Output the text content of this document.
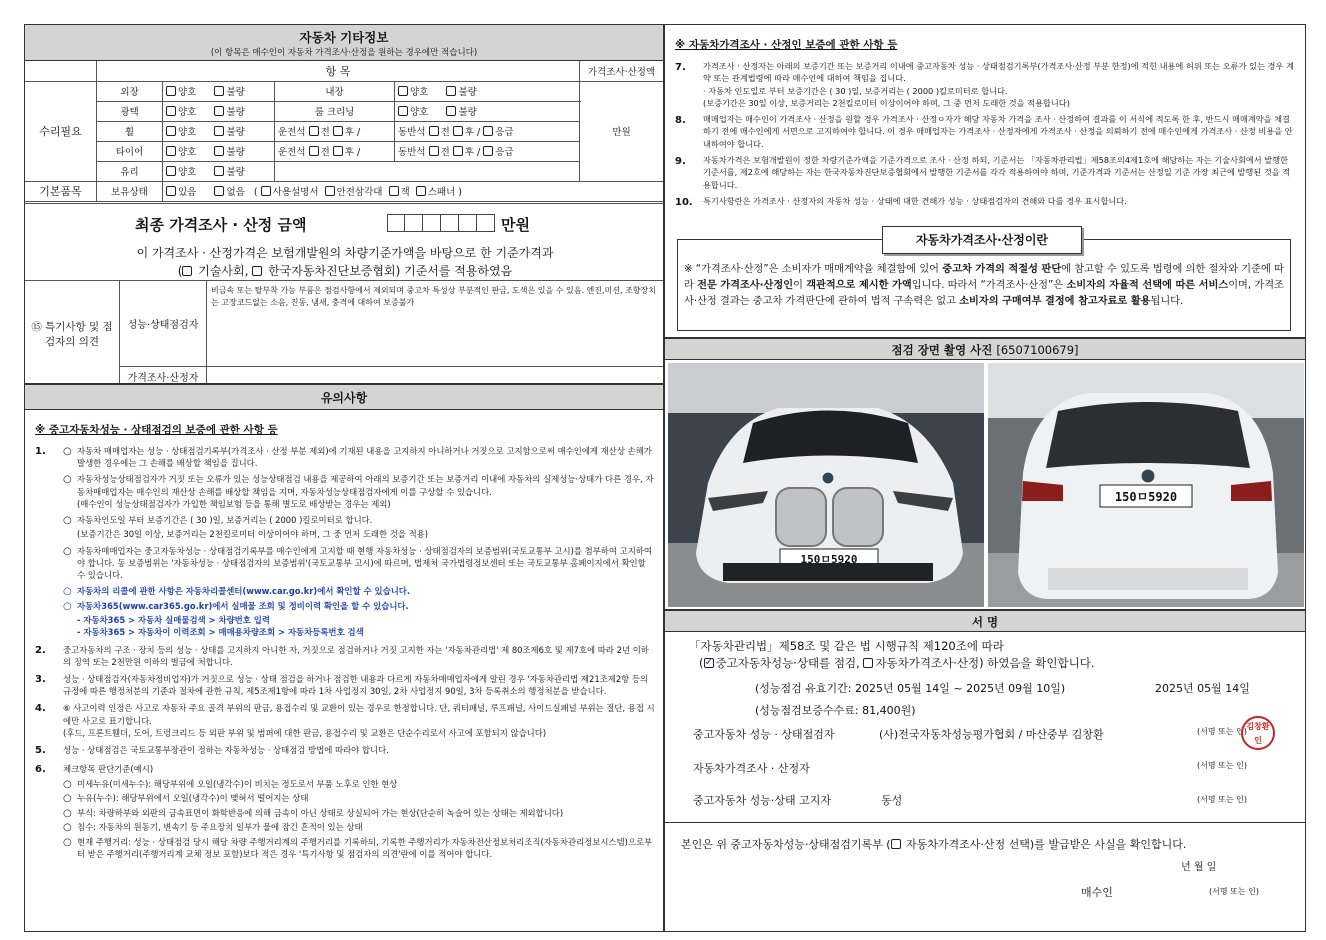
자동차 기타정보
(이 항목은 매수인이 자동차 가격조사·산정을 원하는 경우에만 적습니다)
	항 목				가격조사·산정액
수리필요	외장	양호 불량	내장	양호 불량	만원
	광택	양호 불량	룸 크리닝	양호 불량	
	휠	양호 불량	운전석 전 후 /	동반석 전 후 / 응급	
	타이어	양호 불량	운전석 전 후 /	동반석 전 후 / 응급	
	유리	양호 불량			
기본품목	보유상태	있음 없음   ( 사용설명서 안전삼각대 잭 스패너 )			
최종 가격조사 · 산정 금액	만원
이 가격조사 · 산정가격은 보험개발원의 차량기준가액을 바탕으로 한 기준가격과
( 기술사회, 한국자동차진단보증협회) 기준서를 적용하였음
⑮ 특기사항 및 점검자의 의견
성능·상태점검자
비금속 또는 탈부착 가능 부품은 점검사항에서 제외되며 중고차 특성상 부분적인 판금, 도색은 있을 수 있음. 엔진,미션, 조향장치는 고장코드없는 소음, 진동, 냄새, 충격에 대하여 보증불가
가격조사·산정자
유의사항
※ 중고자동차성능 · 상태점검의 보증에 관한 사항 등
1.	○ 자동차 매매업자는 성능 · 상태점검기록부(가격조사 · 산정 부분 제외)에 기재된 내용을 고지하지 아니하거나 거짓으로 고지함으로써 매수인에게 재산상 손해가 발생한 경우에는 그 손해를 배상할 책임을 집니다.
○ 자동차성능상태점검자가 거짓 또는 오류가 있는 성능상태점검 내용을 제공하여 아래의 보증기간 또는 보증거리 이내에 자동차의 실제성능·상태가 다른 경우, 자동차매매업자는 매수인의 재산상 손해를 배상할 책임을 지며, 자동차성능상태점검자에게 이를 구상할 수 있습니다.
(매수인이 성능상태점검자가 가입한 책임보험 등을 통해 별도로 배상받는 경우는 제외)
○ 자동차인도일 부터 보증기간은 ( 30 )일, 보증거리는 ( 2000 )킬로미터로 합니다.
(보증기간은 30일 이상, 보증거리는 2천킬로미터 이상이어야 하며, 그 중 먼저 도래한 것을 적용)
○ 자동차매매업자는 중고자동차성능 · 상태점검기록부를 매수인에게 고지할 때 현행 자동차성능 · 상태점검자의 보증범위(국토교통부 고시)를 첨부하여 고지하여야 합니다. 동 보증범위는 '자동차성능 · 상태점검자의 보증범위'(국토교통부 고시)에 따르며, 법제처 국가법령정보센터 또는 국토교통부 홈페이지에서 확인할 수 있습니다.
○ 자동차의 리콜에 관한 사항은 자동차리콜센터(www.car.go.kr)에서 확인할 수 있습니다.
○ 자동차365(www.car365.go.kr)에서 실매물 조회 및 정비이력 확인을 할 수 있습니다.
- 자동차365 > 자동차 실매물검색 > 차량번호 입력
- 자동차365 > 자동차이 이력조회 > 매매용차량조회 > 자동차등록번호 검색
2.	중고자동차의 구조 · 장치 등의 성능 · 상태를 고지하지 아니한 자, 거짓으로 점검하거나 거짓 고지한 자는 '자동차관리법' 제 80조제6호 및 제7호에 따라 2년 이하의 징역 또는 2천만원 이하의 벌금에 처합니다.
3.	성능 · 상태점검자(자동차정비업자)가 거짓으로 성능 · 상태 점검을 하거나 점검한 내용과 다르게 자동차매매업자에게 알린 경우 '자동차관리법 제21조제2항 등의 규정에 따른 행정처분의 기준과 절차에 관한 규칙, 제5조제1항에 따라 1차 사업정지 30일, 2차 사업정지 90일, 3차 등록취소의 행정처분을 받습니다.
4.	⑥ 사고이력 인정은 사고로 자동차 주요 골격 부위의 판금, 용접수리 및 교환이 있는 경우로 한정합니다. 단, 쿼터패널, 루프패널, 사이드실패널 부위는 절단, 용접 시에만 사고로 표기합니다.
(후드, 프론트휀더, 도어, 트렁크리드 등 외판 부위 및 범퍼에 대한 판금, 용접수리 및 교환은 단순수리로서 사고에 포함되지 않습니다)
5.	성능 · 상태점검은 국토교통부장관이 정하는 자동차성능 · 상태점검 방법에 따라야 합니다.
6.	체크항목 판단기준(예시)
○ 미세누유(미세누수): 해당부위에 오일(냉각수)이 비치는 정도로서 부품 노후로 인한 현상
○ 누유(누수): 해당부위에서 오일(냉각수)이 맺혀서 떨어지는 상태
○ 부식: 차량하부와 외판의 금속표면이 화학반응에 의해 금속이 아닌 상태로 상실되어 가는 현상(단순히 녹슬어 있는 상태는 제외합니다)
○ 침수: 자동차의 원동기, 변속기 등 주요장치 일부가 물에 잠긴 흔적이 있는 상태
○ 현재 주행거리: 성능 · 상태점검 당시 해당 차량 주행거리계의 주행거리를 기록하되, 기록한 주행거리가 자동차전산정보처리조직(자동차관리정보시스템)으로부터 받은 주행거리(주행거리계 교체 정보 포함)보다 적은 경우 '특기사항 및 점검자의 의견'란에 이를 적어야 합니다.
※ 자동차가격조사 · 산정인 보증에 관한 사항 등
7.	가격조사 · 산정자는 아래의 보증기간 또는 보증거리 이내에 중고자동차 성능 · 상태점검기록부(가격조사·산정 부분 한정)에 적힌 내용에 허위 또는 오류가 있는 경우 계약 또는 관계법령에 따라 매수인에 대하여 책임을 집니다.
· 자동차 인도일로 부터 보증기간은 ( 30 )일, 보증거리는 ( 2000 )킬로미터로 합니다.
(보증기간은 30일 이상, 보증거리는 2천킬로미터 이상이어야 하며, 그 중 먼저 도래한 것을 적용합니다)
8.	매매업자는 매수인이 가격조사 · 산정을 원할 경우 가격조사 · 산정ㅇ자가 해당 자동차 가격을 조사 · 산정하여 결과를 이 서식에 적도록 한 후, 반드시 매매계약을 체결하기 전에 매수인에게 서면으로 고지하여야 합니다. 이 경우 매매업자는 가격조사 · 산정자에게 가격조사 · 산정을 의뢰하기 전에 매수인에게 가격조사 · 산정 비용을 안내하여야 합니다.
9.	자동차가격은 보험개발원이 정한 차량기준가액을 기준가격으로 조사 · 산정 하되, 기준서는 「자동차관리법」제58조의4제1호에 해당하는 자는 기술사회에서 발행한 기준서를, 제2호에 해당하는 자는 한국자동차진단보증협회에서 발행한 기준서를 각각 적용하여야 하며, 기준가격과 기준서는 산정일 기준 가장 최근에 발행된 것을 적용합니다.
10.	특기사항란은 가격조사 · 산정자의 자동차 성능 · 상태에 대한 견해가 성능 · 상태점검자의 견해와 다를 경우 표시합니다.
자동차가격조사·산정이란
※ “가격조사·산정”은 소비자가 매매계약을 체결함에 있어 중고차 가격의 적절성 판단에 참고할 수 있도록 법령에 의한 절차와 기준에 따라 전문 가격조사·산정인이 객관적으로 제시한 가액입니다. 따라서 “가격조사·산정”은 소비자의 자율적 선택에 따른 서비스이며, 가격조사·산정 결과는 중고차 가격판단에 관하여 법적 구속력은 없고 소비자의 구매여부 결정에 참고자료로 활용됩니다.
점검 장면 촬영 사진 [6507100679]
150ㅁ5920
150ㅁ5920
서 명
「자동차관리법」제58조 및 같은 법 시행규칙 제120조에 따라
( ✓ 중고자동차성능·상태를 점검, 자동차가격조사·산정) 하였음을 확인합니다.
(성능점검 유효기간: 2025년 05월 14일 ~ 2025년 09월 10일)	2025년 05월 14일
(성능점검보증수수료: 81,400원)
중고자동차 성능 · 상태점검자	(사)전국자동차성능평가협회 / 마산중부 김창환	(서명 또는 인)
김창환인
자동차가격조사 · 산정자	(서명 또는 인)
중고자동차 성능·상태 고지자	동성	(서명 또는 인)
본인은 위 중고자동차성능·상태점검기록부 ( 자동차가격조사·산정 선택)를 발급받은 사실을 확인합니다.
년 월 일
매수인	(서명 또는 인)
